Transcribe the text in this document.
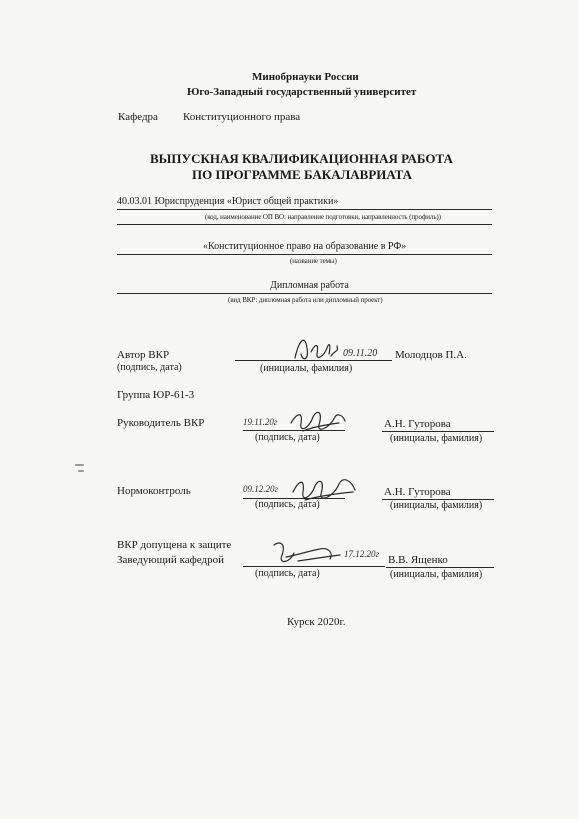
Минобрнауки России
Юго-Западный государственный университет
Кафедра Конституционного права
ВЫПУСКНАЯ КВАЛИФИКАЦИОННАЯ РАБОТА
ПО ПРОГРАММЕ БАКАЛАВРИАТА
40.03.01 Юриспруденция «Юрист общей практики»
(код, наименование ОП ВО: направление подготовки, направленность (профиль))
«Конституционное право на образование в РФ»
(название темы)
Дипломная работа
(вид ВКР: дипломная работа или дипломный проект)
Автор ВКР
(подпись, дата)	(инициалы, фамилия)
Молодцов П.А.
09.11.20
Группа ЮР-61-3
Руководитель ВКР
(подпись, дата)
А.Н. Гуторова
(инициалы, фамилия)
19.11.20г
Нормоконтроль
(подпись, дата)
А.Н. Гуторова
(инициалы, фамилия)
09.12.20г
ВКР допущена к защите
Заведующий кафедрой
(подпись, дата)
В.В. Ященко
(инициалы, фамилия)
17.12.20г
Курск 2020г.
